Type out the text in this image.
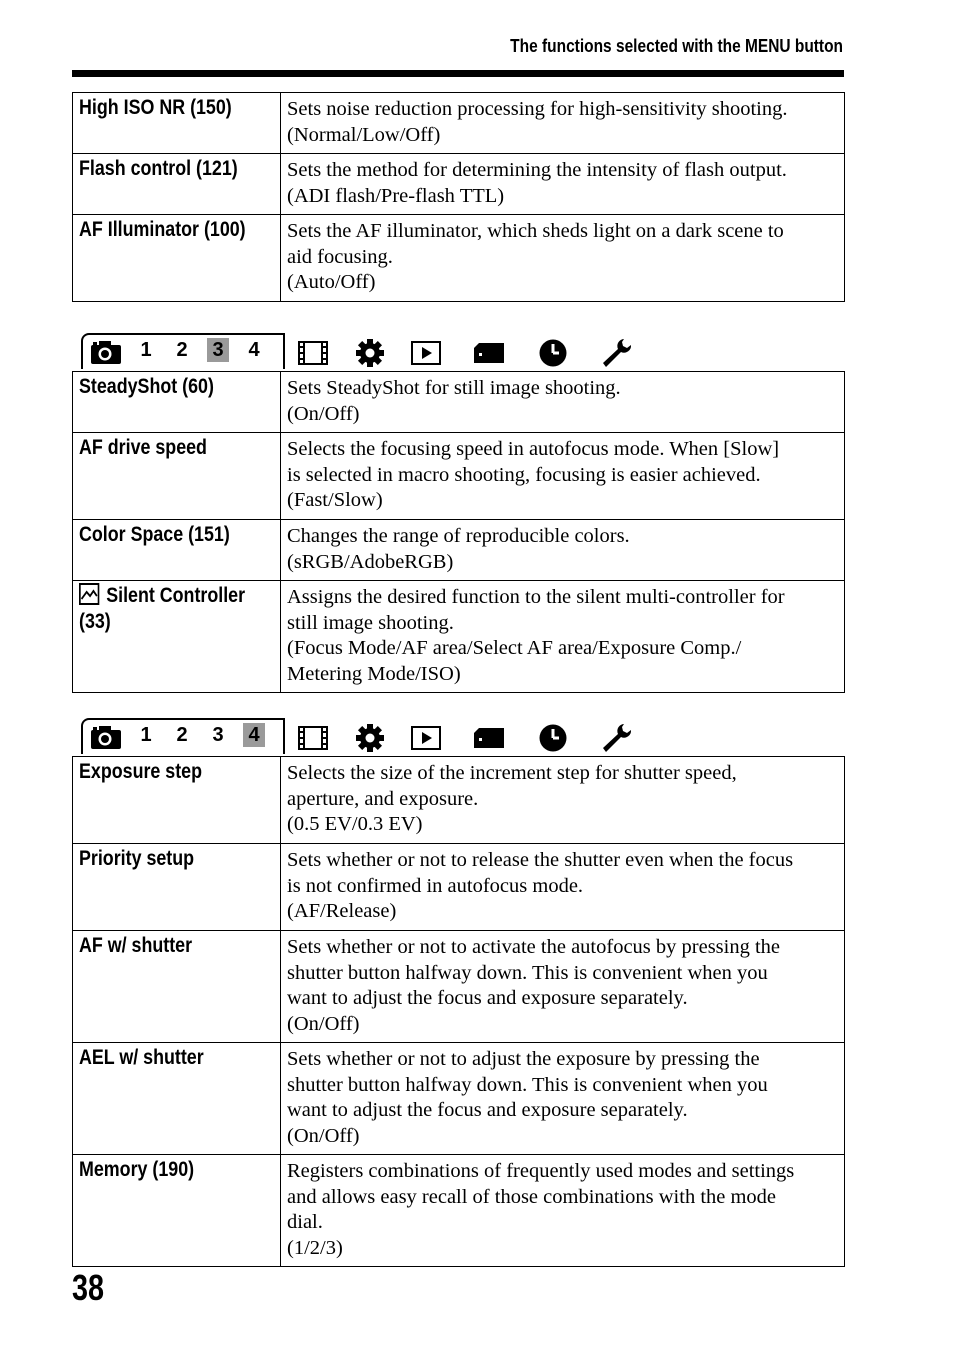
The functions selected with the MENU button
High ISO NR (150)	Sets noise reduction processing for high-sensitivity shooting.
(Normal/Low/Off)

Flash control (121)	Sets the method for determining the intensity of flash output.
(ADI flash/Pre-flash TTL)

AF Illuminator (100)	Sets the AF illuminator, which sheds light on a dark scene to
aid focusing.
(Auto/Off)
1 2 3 4
SteadyShot (60)	Sets SteadyShot for still image shooting.
(On/Off)

AF drive speed	Selects the focusing speed in autofocus mode. When [Slow]
is selected in macro shooting, focusing is easier achieved.
(Fast/Slow)

Color Space (151)	Changes the range of reproducible colors.
(sRGB/AdobeRGB)

Silent Controller
(33)	Assigns the desired function to the silent multi-controller for
still image shooting.
(Focus Mode/AF area/Select AF area/Exposure Comp./
Metering Mode/ISO)
1 2 3 4
Exposure step	Selects the size of the increment step for shutter speed,
aperture, and exposure.
(0.5 EV/0.3 EV)

Priority setup	Sets whether or not to release the shutter even when the focus
is not confirmed in autofocus mode.
(AF/Release)

AF w/ shutter	Sets whether or not to activate the autofocus by pressing the
shutter button halfway down. This is convenient when you
want to adjust the focus and exposure separately.
(On/Off)

AEL w/ shutter	Sets whether or not to adjust the exposure by pressing the
shutter button halfway down. This is convenient when you
want to adjust the focus and exposure separately.
(On/Off)

Memory (190)	Registers combinations of frequently used modes and settings
and allows easy recall of those combinations with the mode
dial.
(1/2/3)
38
